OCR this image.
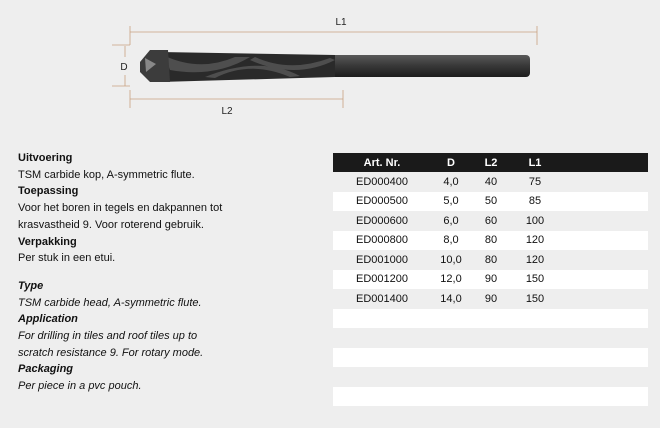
L1
D
L2
Uitvoering
TSM carbide kop, A-symmetric flute.
Toepassing
Voor het boren in tegels en dakpannen tot
krasvastheid 9. Voor roterend gebruik.
Verpakking
Per stuk in een etui.
Type
TSM carbide head, A-symmetric flute.
Application
For drilling in tiles and roof tiles up to
scratch resistance 9. For rotary mode.
Packaging
Per piece in a pvc pouch.
Art. Nr.	D	L2	L1
ED000400	4,0	40	75
ED000500	5,0	50	85
ED000600	6,0	60	100
ED000800	8,0	80	120
ED001000	10,0	80	120
ED001200	12,0	90	150
ED001400	14,0	90	150
